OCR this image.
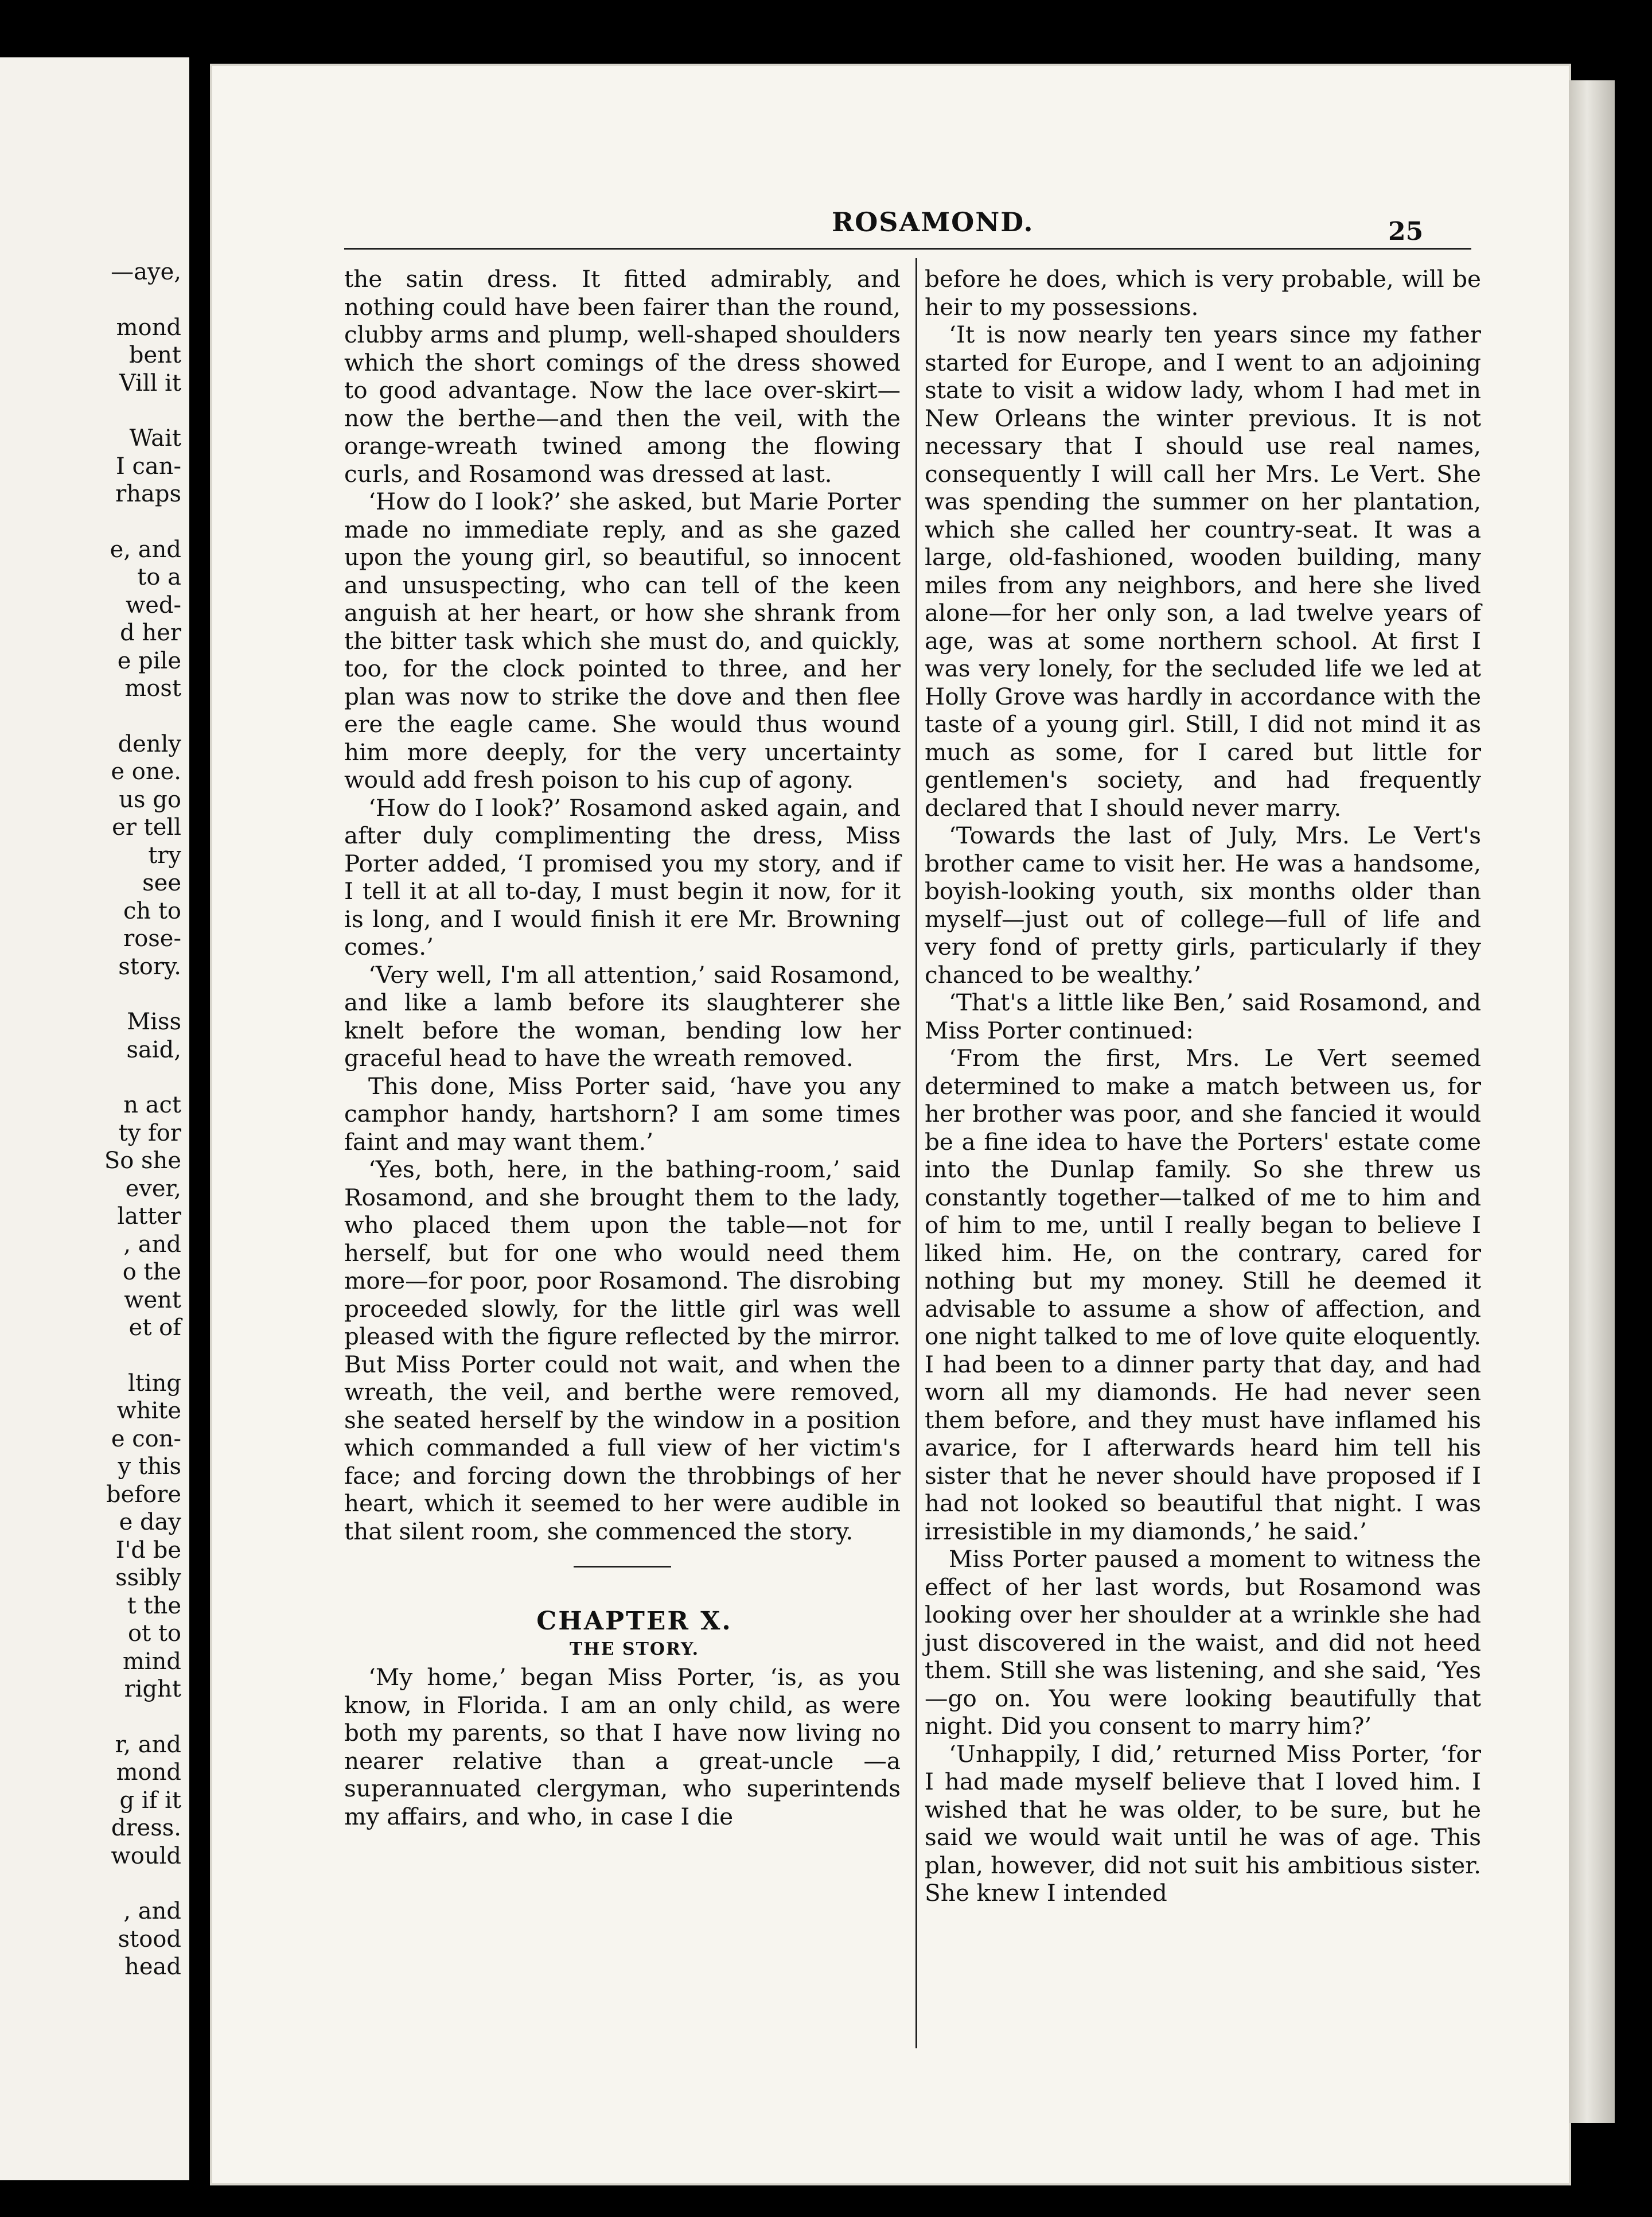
—aye,
mond
bent
Vill it
Wait
I can-
rhaps
e, and
to a
wed-
d her
e pile
most
denly
e one.
us go
er tell
try
see
ch to
rose-
story.
Miss
said,
n act
ty for
So she
ever,
latter
, and
o the
went
et of
lting
white
e con-
y this
before
e day
I'd be
ssibly
t the
ot to
mind
right
r, and
mond
g if it
dress.
would
, and
stood
head
ROSAMOND.	25

the satin dress. It fitted admirably, and nothing could have been fairer than the round, clubby arms and plump, well-shaped shoulders which the short comings of the dress showed to good advantage. Now the lace over-skirt—now the berthe—and then the veil, with the orange-wreath twined among the flowing curls, and Rosamond was dressed at last.

‘How do I look?’ she asked, but Marie Porter made no immediate reply, and as she gazed upon the young girl, so beautiful, so innocent and unsuspecting, who can tell of the keen anguish at her heart, or how she shrank from the bitter task which she must do, and quickly, too, for the clock pointed to three, and her plan was now to strike the dove and then flee ere the eagle came. She would thus wound him more deeply, for the very uncertainty would add fresh poison to his cup of agony.

‘How do I look?’ Rosamond asked again, and after duly complimenting the dress, Miss Porter added, ‘I promised you my story, and if I tell it at all to-day, I must begin it now, for it is long, and I would finish it ere Mr. Browning comes.’

‘Very well, I'm all attention,’ said Rosamond, and like a lamb before its slaughterer she knelt before the woman, bending low her graceful head to have the wreath removed.

This done, Miss Porter said, ‘have you any camphor handy, hartshorn? I am some times faint and may want them.’

‘Yes, both, here, in the bathing-room,’ said Rosamond, and she brought them to the lady, who placed them upon the table—not for herself, but for one who would need them more—for poor, poor Rosamond. The disrobing proceeded slowly, for the little girl was well pleased with the figure reflected by the mirror. But Miss Porter could not wait, and when the wreath, the veil, and berthe were removed, she seated herself by the window in a position which commanded a full view of her victim's face; and forcing down the throbbings of her heart, which it seemed to her were audible in that silent room, she commenced the story.

CHAPTER X.

THE STORY.

‘My home,’ began Miss Porter, ‘is, as you know, in Florida. I am an only child, as were both my parents, so that I have now living no nearer relative than a great-uncle —a superannuated clergyman, who superintends my affairs, and who, in case I die

before he does, which is very probable, will be heir to my possessions.

‘It is now nearly ten years since my father started for Europe, and I went to an adjoining state to visit a widow lady, whom I had met in New Orleans the winter previous. It is not necessary that I should use real names, consequently I will call her Mrs. Le Vert. She was spending the summer on her plantation, which she called her country-seat. It was a large, old-fashioned, wooden building, many miles from any neighbors, and here she lived alone—for her only son, a lad twelve years of age, was at some northern school. At first I was very lonely, for the secluded life we led at Holly Grove was hardly in accordance with the taste of a young girl. Still, I did not mind it as much as some, for I cared but little for gentlemen's society, and had frequently declared that I should never marry.

‘Towards the last of July, Mrs. Le Vert's brother came to visit her. He was a handsome, boyish-looking youth, six months older than myself—just out of college—full of life and very fond of pretty girls, particularly if they chanced to be wealthy.’

‘That's a little like Ben,’ said Rosamond, and Miss Porter continued:

‘From the first, Mrs. Le Vert seemed determined to make a match between us, for her brother was poor, and she fancied it would be a fine idea to have the Porters' estate come into the Dunlap family. So she threw us constantly together—talked of me to him and of him to me, until I really began to believe I liked him. He, on the contrary, cared for nothing but my money. Still he deemed it advisable to assume a show of affection, and one night talked to me of love quite eloquently. I had been to a dinner party that day, and had worn all my diamonds. He had never seen them before, and they must have inflamed his avarice, for I afterwards heard him tell his sister that he never should have proposed if I had not looked so beautiful that night. I was irresistible in my diamonds,’ he said.’

Miss Porter paused a moment to witness the effect of her last words, but Rosamond was looking over her shoulder at a wrinkle she had just discovered in the waist, and did not heed them. Still she was listening, and she said, ‘Yes—go on. You were looking beautifully that night. Did you consent to marry him?’

‘Unhappily, I did,’ returned Miss Porter, ‘for I had made myself believe that I loved him. I wished that he was older, to be sure, but he said we would wait until he was of age. This plan, however, did not suit his ambitious sister. She knew I intended
